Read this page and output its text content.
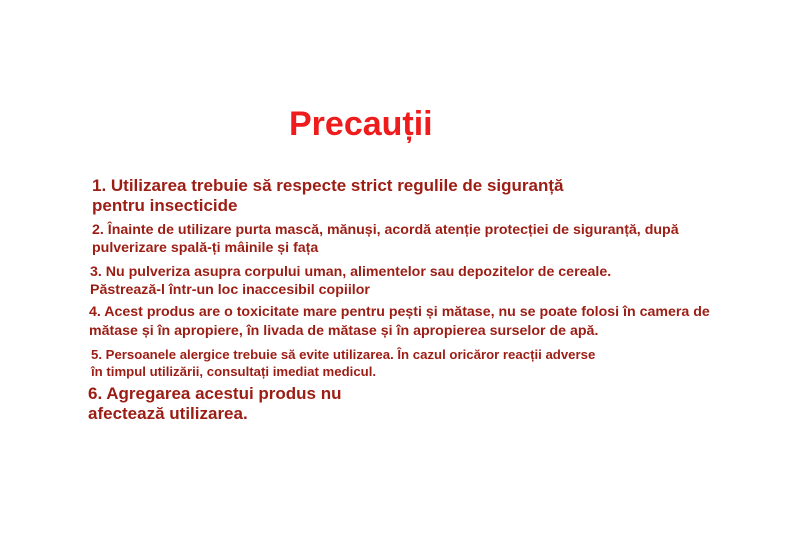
Precauții
1. Utilizarea trebuie să respecte strict regulile de siguranță
pentru insecticide
2. Înainte de utilizare purta mască, mănuși, acordă atenție protecției de siguranță, după
pulverizare spală-ți mâinile și fața
3. Nu pulveriza asupra corpului uman, alimentelor sau depozitelor de cereale.
Păstrează-l într-un loc inaccesibil copiilor
4. Acest produs are o toxicitate mare pentru pești și mătase, nu se poate folosi în camera de
mătase și în apropiere, în livada de mătase și în apropierea surselor de apă.
5. Persoanele alergice trebuie să evite utilizarea. În cazul oricăror reacții adverse
în timpul utilizării, consultați imediat medicul.
6. Agregarea acestui produs nu
afectează utilizarea.
